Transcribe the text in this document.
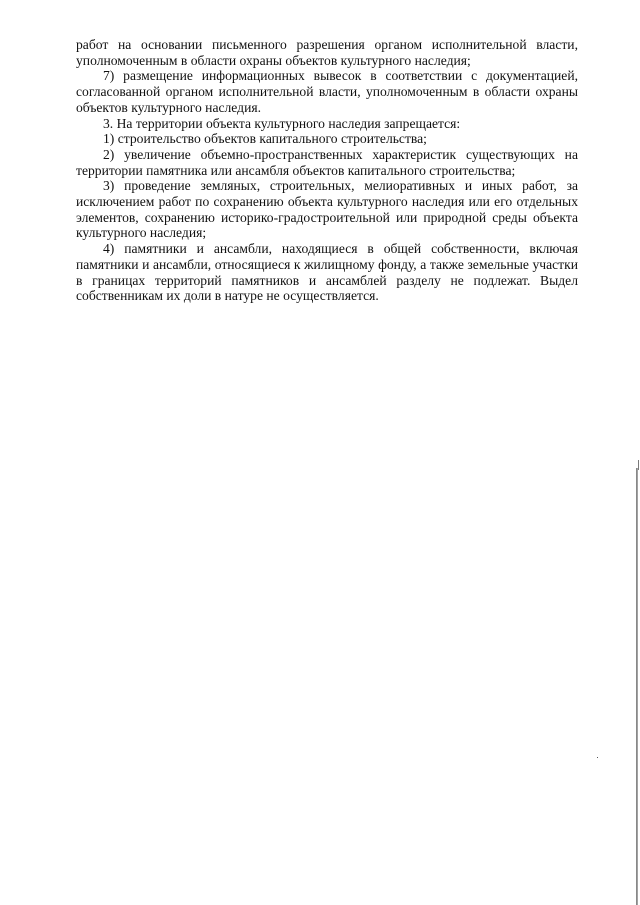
работ на основании письменного разрешения органом исполнительной власти, уполномоченным в области охраны объектов культурного наследия;

7) размещение информационных вывесок в соответствии с документацией, согласованной органом исполнительной власти, уполномоченным в области охраны объектов культурного наследия.

3. На территории объекта культурного наследия запрещается:

1) строительство объектов капитального строительства;

2) увеличение объемно-пространственных характеристик существующих на территории памятника или ансамбля объектов капитального строительства;

3) проведение земляных, строительных, мелиоративных и иных работ, за исключением работ по сохранению объекта культурного наследия или его отдельных элементов, сохранению историко-градостроительной или природной среды объекта культурного наследия;

4) памятники и ансамбли, находящиеся в общей собственности, включая памятники и ансамбли, относящиеся к жилищному фонду, а также земельные участки в границах территорий памятников и ансамблей разделу не подлежат. Выдел собственникам их доли в натуре не осуществляется.
